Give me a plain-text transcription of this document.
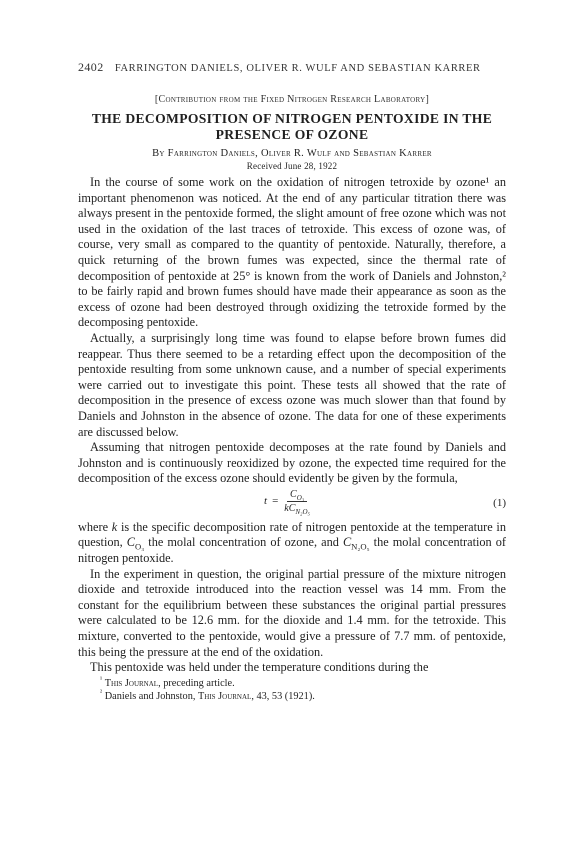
2402 FARRINGTON DANIELS, OLIVER R. WULF AND SEBASTIAN KARRER
[Contribution from the Fixed Nitrogen Research Laboratory]
THE DECOMPOSITION OF NITROGEN PENTOXIDE IN THE PRESENCE OF OZONE
By Farrington Daniels, Oliver R. Wulf and Sebastian Karrer
Received June 28, 1922

In the course of some work on the oxidation of nitrogen tetroxide by ozone¹ an important phenomenon was noticed. At the end of any particular titration there was always present in the pentoxide formed, the slight amount of free ozone which was not used in the oxidation of the last traces of tetroxide. This excess of ozone was, of course, very small as compared to the quantity of pentoxide. Naturally, therefore, a quick returning of the brown fumes was expected, since the thermal rate of decomposition of pentoxide at 25° is known from the work of Daniels and Johnston,² to be fairly rapid and brown fumes should have made their appearance as soon as the excess of ozone had been destroyed through oxidizing the tetroxide formed by the decomposing pentoxide.

Actually, a surprisingly long time was found to elapse before brown fumes did reappear. Thus there seemed to be a retarding effect upon the decomposition of the pentoxide resulting from some unknown cause, and a number of special experiments were carried out to investigate this point. These tests all showed that the rate of decomposition in the presence of excess ozone was much slower than that found by Daniels and Johnston in the absence of ozone. The data for one of these experiments are discussed below.

Assuming that nitrogen pentoxide decomposes at the rate found by Daniels and Johnston and is continuously reoxidized by ozone, the expected time required for the decomposition of the excess ozone should evidently be given by the formula,

$t = \frac{C_{O_3}}{kC_{N_2O_5}}$	(1)

where k is the specific decomposition rate of nitrogen pentoxide at the temperature in question, $C_{O_3}$ the molal concentration of ozone, and $C_{N_2O_5}$ the molal concentration of nitrogen pentoxide.

In the experiment in question, the original partial pressure of the mixture nitrogen dioxide and tetroxide introduced into the reaction vessel was 14 mm. From the constant for the equilibrium between these substances the original partial pressures were calculated to be 12.6 mm. for the dioxide and 1.4 mm. for the tetroxide. This mixture, converted to the pentoxide, would give a pressure of 7.7 mm. of pentoxide, this being the pressure at the end of the oxidation.

This pentoxide was held under the temperature conditions during the

$^{^1}$ This Journal, preceding article.
$^{^2}$ Daniels and Johnston, This Journal, 43, 53 (1921).
